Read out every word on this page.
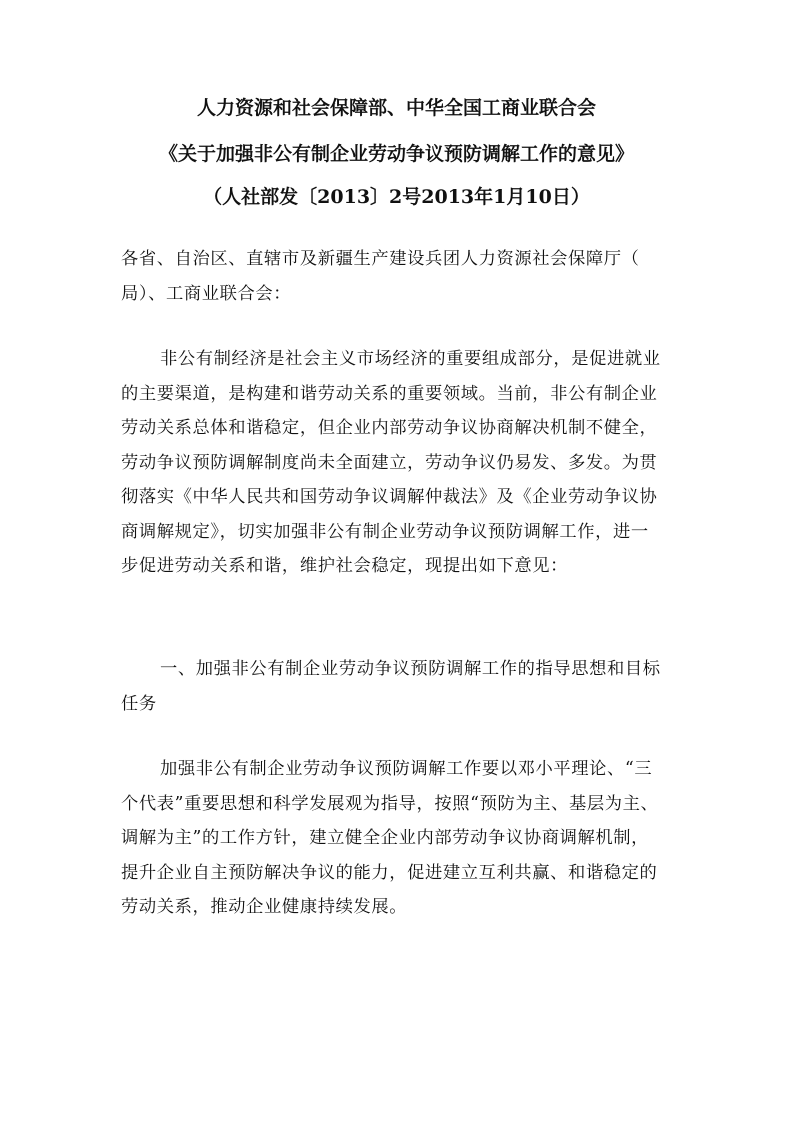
人力资源和社会保障部、中华全国工商业联合会
《关于加强非公有制企业劳动争议预防调解工作的意见》
（人社部发〔2013〕2号2013年1月10日）
各省、自治区、直辖市及新疆生产建设兵团人力资源社会保障厅（
局）、工商业联合会：
非公有制经济是社会主义市场经济的重要组成部分，是促进就业
的主要渠道，是构建和谐劳动关系的重要领域。当前，非公有制企业
劳动关系总体和谐稳定，但企业内部劳动争议协商解决机制不健全，
劳动争议预防调解制度尚未全面建立，劳动争议仍易发、多发。为贯
彻落实《中华人民共和国劳动争议调解仲裁法》及《企业劳动争议协
商调解规定》，切实加强非公有制企业劳动争议预防调解工作，进一
步促进劳动关系和谐，维护社会稳定，现提出如下意见：
一、加强非公有制企业劳动争议预防调解工作的指导思想和目标
任务
加强非公有制企业劳动争议预防调解工作要以邓小平理论、“三
个代表”重要思想和科学发展观为指导，按照“预防为主、基层为主、
调解为主”的工作方针，建立健全企业内部劳动争议协商调解机制，
提升企业自主预防解决争议的能力，促进建立互利共赢、和谐稳定的
劳动关系，推动企业健康持续发展。
